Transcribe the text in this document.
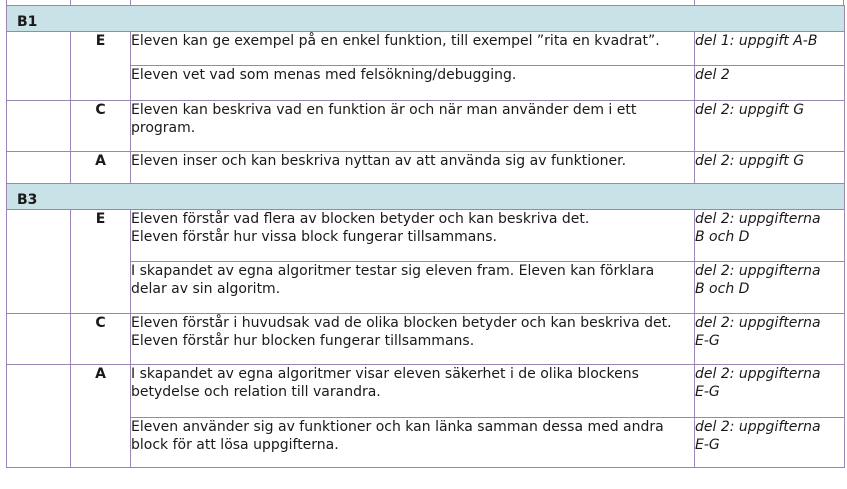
B1			
	E	Eleven kan ge exempel på en enkel funktion, till exempel ”rita en kvadrat”.	del 1: uppgift A-B

		Eleven vet vad som menas med felsökning/debugging.	del 2

	C	Eleven kan beskriva vad en funktion är och när man använder dem i ett
program.	del 2: uppgift G

	A	Eleven inser och kan beskriva nyttan av att använda sig av funktioner.	del 2: uppgift G

B3			
	E	Eleven förstår vad flera av blocken betyder och kan beskriva det.
Eleven förstår hur vissa block fungerar tillsammans.	del 2: uppgifterna
B och D

		I skapandet av egna algoritmer testar sig eleven fram. Eleven kan förklara
delar av sin algoritm.	del 2: uppgifterna
B och D

	C	Eleven förstår i huvudsak vad de olika blocken betyder och kan beskriva det.
Eleven förstår hur blocken fungerar tillsammans.	del 2: uppgifterna
E-G

	A	I skapandet av egna algoritmer visar eleven säkerhet i de olika blockens
betydelse och relation till varandra.	del 2: uppgifterna
E-G

		Eleven använder sig av funktioner och kan länka samman dessa med andra
block för att lösa uppgifterna.	del 2: uppgifterna
E-G
